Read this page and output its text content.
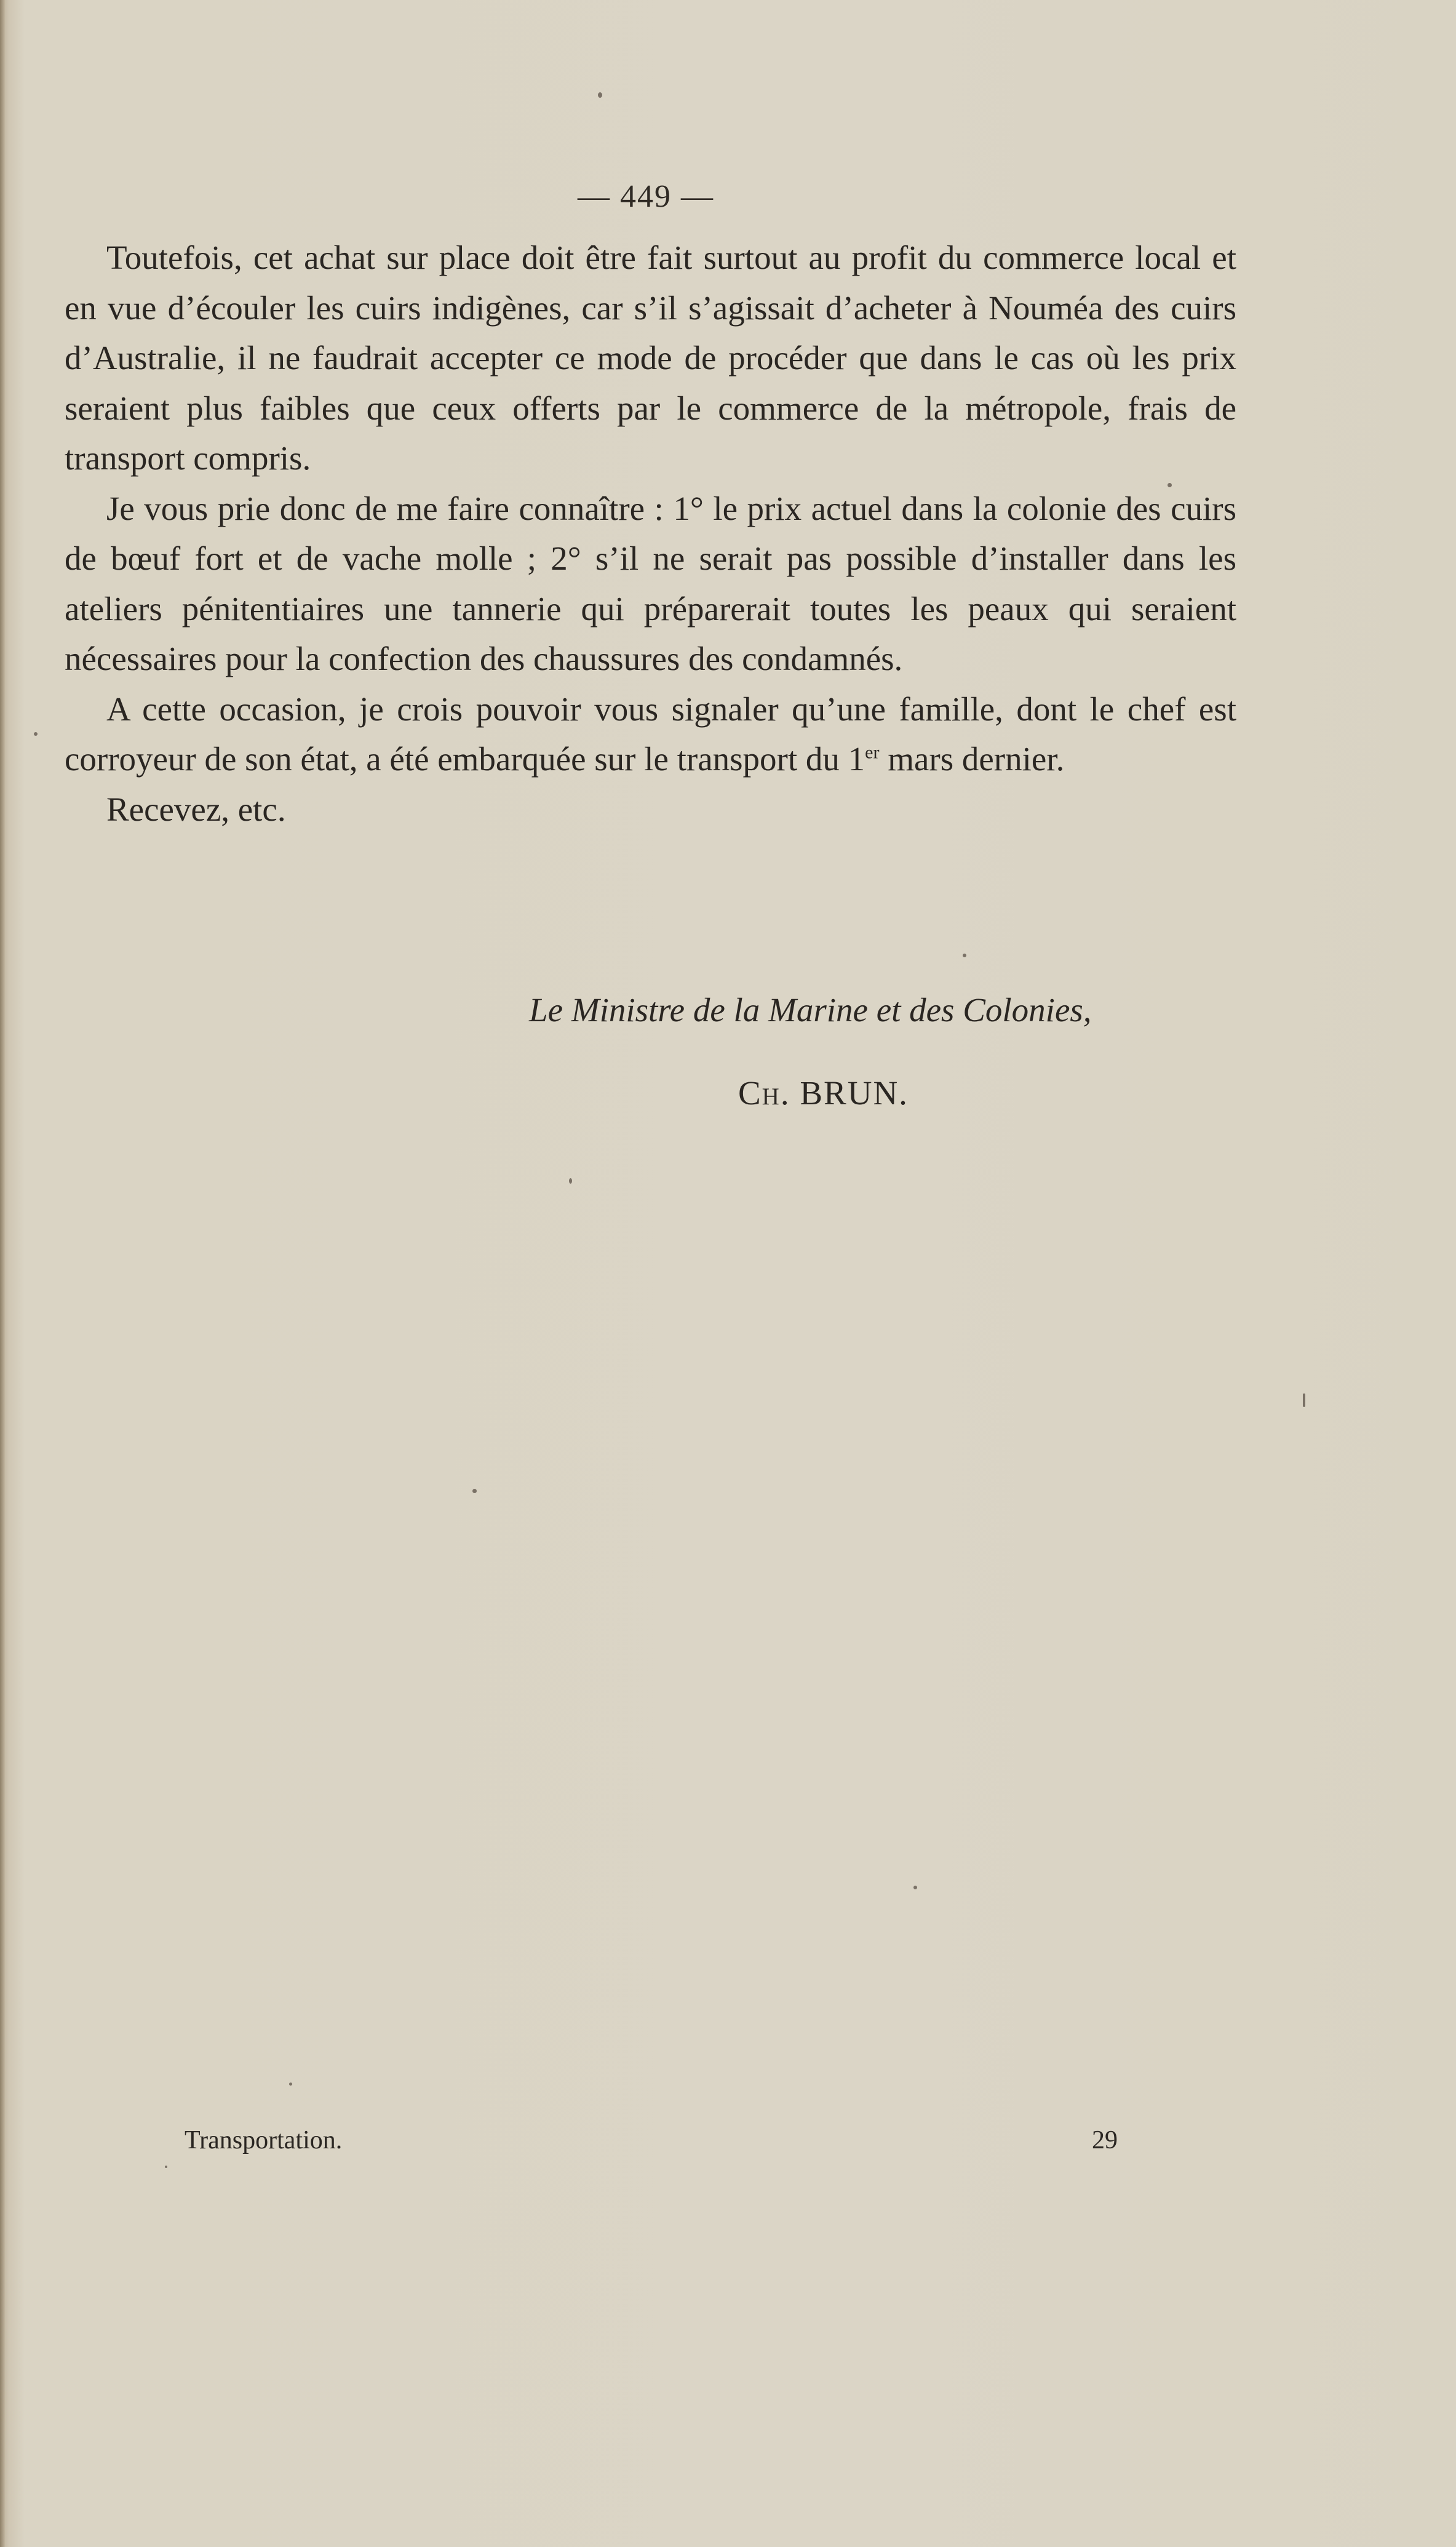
— 449 —

Toutefois, cet achat sur place doit être fait surtout au profit du commerce local et en vue d’écouler les cuirs indigènes, car s’il s’agissait d’acheter à Nouméa des cuirs d’Australie, il ne faudrait accepter ce mode de procéder que dans le cas où les prix seraient plus faibles que ceux offerts par le commerce de la métropole, frais de transport compris.

Je vous prie donc de me faire connaître : 1° le prix actuel dans la colonie des cuirs de bœuf fort et de vache molle ; 2° s’il ne serait pas possible d’installer dans les ateliers pénitentiaires une tannerie qui préparerait toutes les peaux qui seraient nécessaires pour la confection des chaussures des condamnés.

A cette occasion, je crois pouvoir vous signaler qu’une famille, dont le chef est corroyeur de son état, a été embarquée sur le transport du 1er mars dernier.

Recevez, etc.

Le Ministre de la Marine et des Colonies,
Ch. BRUN.
Transportation.	29
